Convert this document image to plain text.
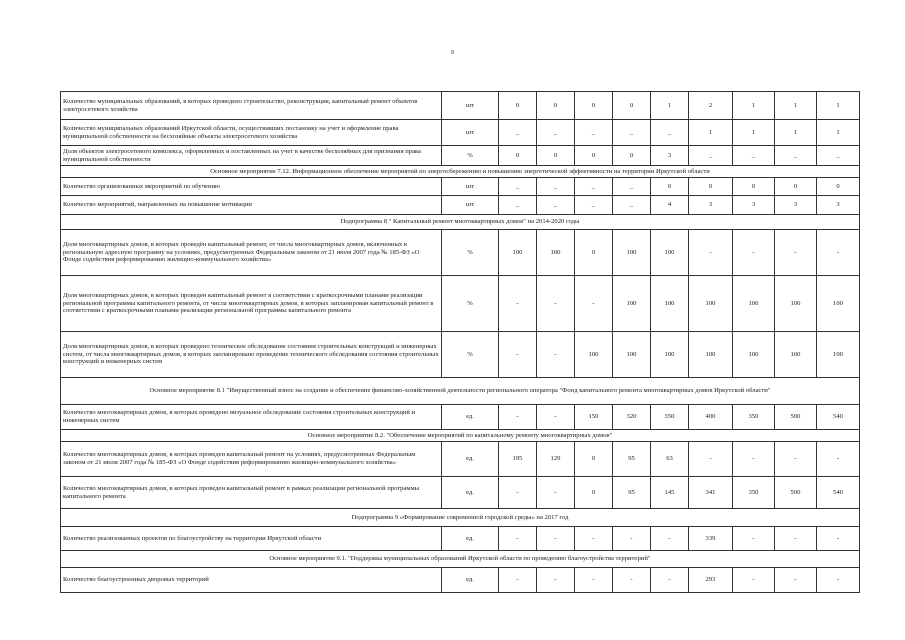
9
Количество муниципальных образований, в которых проведено строительство, реконструкция, капитальный ремонт объектов электросетевого хозяйства	шт	0	0	0	0	1	2	1	1	1
Количество муниципальных образований Иркутской области, осуществивших постановку на учет и оформление права муниципальной собственности на бесхозяйные объекты электросетевого хозяйства	шт	_	_	_	_	_	1	1	1	1
Доля объектов электросетевого комплекса, оформленных и поставленных на учет в качестве бесхозяйных для признания права муниципальной собственности	%	0	0	0	0	3	_	_	_	_
Основное мероприятие 7.12. Информационное обеспечение мероприятий по энергосбережению и повышению энергетической эффективности на территории Иркутской области										
Количество организованных мероприятий по обучению	шт	_	_	_	_	0	0	0	0	0
Количество мероприятий, направленных на повышение мотивации	шт	_	_	_	_	4	3	3	3	3
Подпрограмма 8 " Капитальный ремонт многоквартирных домов" на 2014-2020 годы										
Доля многоквартирных домов, в которых проведён капитальный ремонт, от числа многоквартирных домов, включенных в региональную адресную программу на условиях, предусмотренных Федеральным законом от 21 июля 2007 года № 185-ФЗ «О Фонде содействия реформированию жилищно-коммунального хозяйства»	%	100	100	0	100	100	-	-	-	-
Доля многоквартирных домов, в которых проведен капитальный ремонт в соответствии с краткосрочными планами реализации региональной программы капитального ремонта, от числа многоквартирных домов, в которых запланирован капитальный ремонт в соответствии с краткосрочными планами реализации региональной программы капитального ремонта	%	-	-	-	100	100	100	100	100	100
Доля многоквартирных домов, в которых проведено техническое обследование состояния строительных конструкций и инженерных систем, от числа многоквартирных домов, в которых запланировано проведение технического обследования состояния строительных конструкций и инженерных систем	%	-	-	100	100	100	100	100	100	100
Основное мероприятие 8.1 "Имущественный взнос на создание и обеспечение финансово-хозяйственной деятельности регионального оператора "Фонд капитального ремонта многоквартирных домов Иркутской области"										
Количество многоквартирных домов, в которых проведено визуальное обследование состояния строительных конструкций и инженерных систем	ед.	-	-	150	320	350	400	350	500	540
Основное мероприятие 8.2. "Обеспечение мероприятий по капитальному ремонту многоквартирных домов"										
Количество многоквартирных домов, в которых проведен капитальный ремонт на условиях, предусмотренных Федеральным законом от 21 июля 2007 года № 185-ФЗ «О Фонде содействия реформированию жилищно-коммунального хозяйства»	ед.	195	129	0	95	63	-	-	-	-
Количество многоквартирных домов, в которых проведен капитальный ремонт в рамках реализации региональной программы капитального ремонта	ед.	-	-	0	95	145	341	350	500	540
Подпрограмма 9 «Формирование современной городской среды» на 2017 год										
Количество реализованных проектов по благоустройству на территории Иркутской области	ед.	-	-	-	-	-	339	-	-	-
Основное мероприятие 9.1. "Поддержка муниципальных образований Иркутской области по проведению благоустройства территорий"										
Количество благоустроенных дворовых территорий	ед.	-	-	-	-	-	293	-	-	-
